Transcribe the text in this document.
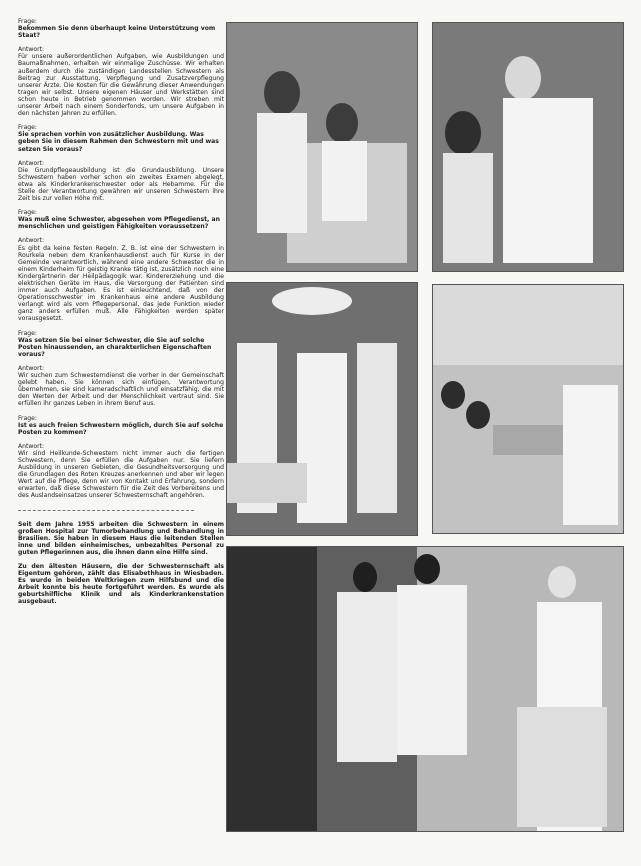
Frage:
Bekommen Sie denn überhaupt keine Unterstützung vom Staat?
Antwort:
Für unsere außerordentlichen Aufgaben, wie Ausbildungen und Baumaßnahmen, erhalten wir einmalige Zuschüsse. Wir erhalten außerdem durch die zuständigen Landesstellen Schwestern als Beitrag zur Ausstattung, Verpflegung und Zusatzverpflegung unserer Ärzte. Die Kosten für die Gewährung dieser Anwendungen tragen wir selbst. Unsere eigenen Häuser und Werkstätten sind schon heute in Betrieb genommen worden. Wir streben mit unserer Arbeit nach einem Sonderfonds, um unsere Aufgaben in den nächsten Jahren zu erfüllen.
Frage:
Sie sprachen vorhin von zusätzlicher Ausbildung. Was geben Sie in diesem Rahmen den Schwestern mit und was setzen Sie voraus?
Antwort:
Die Grundpflegeausbildung ist die Grundausbildung. Unsere Schwestern haben vorher schon ein zweites Examen abgelegt, etwa als Kinderkrankenschwester oder als Hebamme. Für die Stelle der Verantwortung gewähren wir unseren Schwestern ihre Zeit bis zur vollen Höhe mit.
Frage:
Was muß eine Schwester, abgesehen vom Pflegedienst, an menschlichen und geistigen Fähigkeiten voraussetzen?
Antwort:
Es gibt da keine festen Regeln. Z. B. ist eine der Schwestern in Rourkela neben dem Krankenhausdienst auch für Kurse in der Gemeinde verantwortlich, während eine andere Schwester die in einem Kinderheim für geistig Kranke tätig ist, zusätzlich noch eine Kindergärtnerin der Heilpädagogik war. Kindererziehung und die elektrischen Geräte im Haus, die Versorgung der Patienten sind immer auch Aufgaben. Es ist einleuchtend, daß von der Operationsschwester im Krankenhaus eine andere Ausbildung verlangt wird als vom Pflegepersonal, das jede Funktion wieder ganz anders erfüllen muß. Alle Fähigkeiten werden später vorausgesetzt.
Frage:
Was setzen Sie bei einer Schwester, die Sie auf solche Posten hinaussenden, an charakterlichen Eigenschaften voraus?
Antwort:
Wir suchen zum Schwesterndienst die vorher in der Gemeinschaft gelebt haben. Sie können sich einfügen, Verantwortung übernehmen, sie sind kameradschaftlich und einsatzfähig, die mit den Werten der Arbeit und der Menschlichkeit vertraut sind. Sie erfüllen ihr ganzes Leben in ihrem Beruf aus.
Frage:
Ist es auch freien Schwestern möglich, durch Sie auf solche Posten zu kommen?
Antwort:
Wir sind Heilkunde-Schwestern nicht immer auch die fertigen Schwestern, denn Sie erfüllen die Aufgaben nur. Sie liefern Ausbildung in unseren Gebieten, die Gesundheitsversorgung und die Grundlagen des Roten Kreuzes anerkennen und aber wir legen Wert auf die Pflege, denn wir von Kontakt und Erfahrung, sondern erwarten, daß diese Schwestern für die Zeit des Vorbereitens und des Auslandseinsatzes unserer Schwesternschaft angehören.
Seit dem Jahre 1955 arbeiten die Schwestern in einem großen Hospital zur Tumorbehandlung und Behandlung in Brasilien. Sie haben in diesem Haus die leitenden Stellen inne und bilden einheimisches, unbezahltes Personal zu guten Pflegerinnen aus, die ihnen dann eine Hilfe sind.
Zu den ältesten Häusern, die der Schwesternschaft als Eigentum gehören, zählt das Elisabethhaus in Wiesbaden. Es wurde in beiden Weltkriegen zum Hilfsbund und die Arbeit konnte bis heute fortgeführt werden. Es wurde als geburtshilfliche Klinik und als Kinderkrankenstation ausgebaut.
